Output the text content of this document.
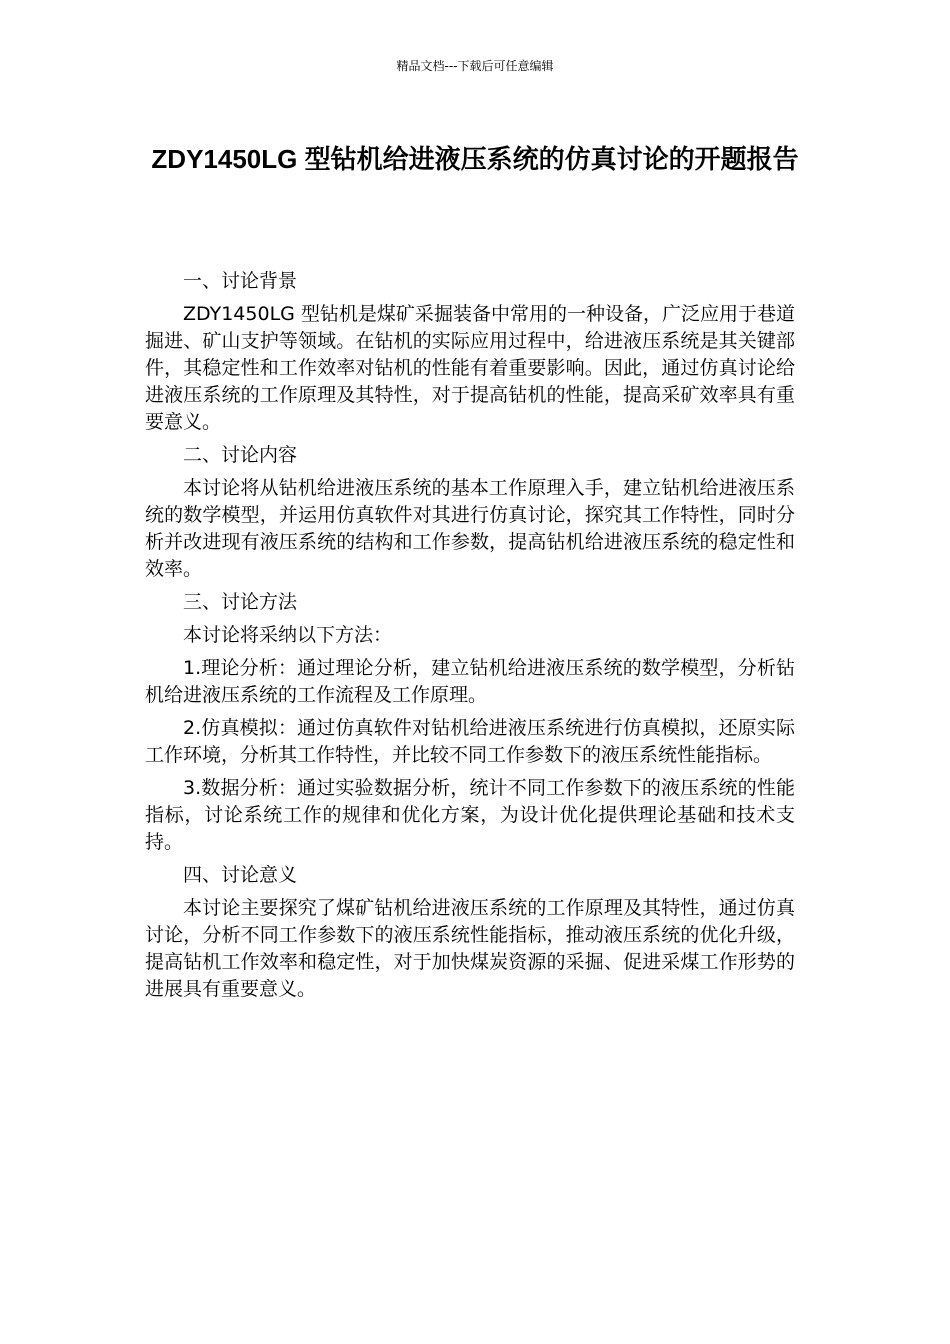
精品文档---下载后可任意编辑
ZDY1450LG 型钻机给进液压系统的仿真讨论的开题报告

一、讨论背景

ZDY1450LG 型钻机是煤矿采掘装备中常用的一种设备，广泛应用于巷道掘进、矿山支护等领域。在钻机的实际应用过程中，给进液压系统是其关键部件，其稳定性和工作效率对钻机的性能有着重要影响。因此，通过仿真讨论给进液压系统的工作原理及其特性，对于提高钻机的性能，提高采矿效率具有重要意义。

二、讨论内容

本讨论将从钻机给进液压系统的基本工作原理入手，建立钻机给进液压系统的数学模型，并运用仿真软件对其进行仿真讨论，探究其工作特性，同时分析并改进现有液压系统的结构和工作参数，提高钻机给进液压系统的稳定性和效率。

三、讨论方法

本讨论将采纳以下方法：

1.理论分析：通过理论分析，建立钻机给进液压系统的数学模型，分析钻机给进液压系统的工作流程及工作原理。

2.仿真模拟：通过仿真软件对钻机给进液压系统进行仿真模拟，还原实际工作环境，分析其工作特性，并比较不同工作参数下的液压系统性能指标。

3.数据分析：通过实验数据分析，统计不同工作参数下的液压系统的性能指标，讨论系统工作的规律和优化方案，为设计优化提供理论基础和技术支持。

四、讨论意义

本讨论主要探究了煤矿钻机给进液压系统的工作原理及其特性，通过仿真讨论，分析不同工作参数下的液压系统性能指标，推动液压系统的优化升级，提高钻机工作效率和稳定性，对于加快煤炭资源的采掘、促进采煤工作形势的进展具有重要意义。
